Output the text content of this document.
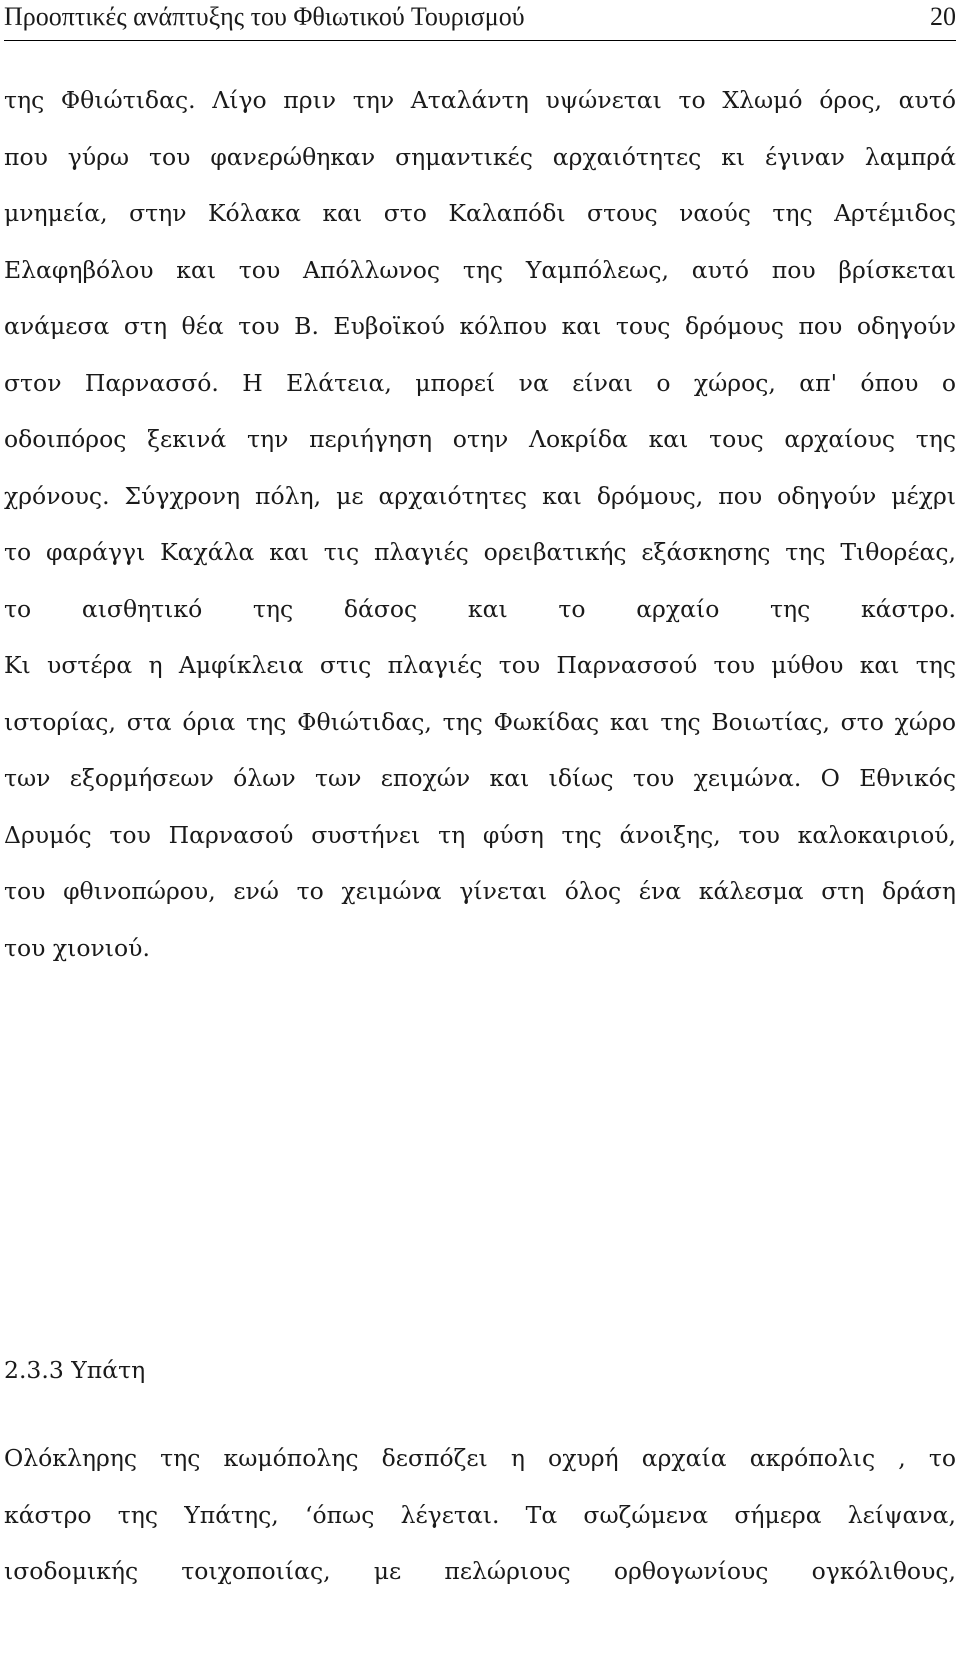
Προοπτικές ανάπτυξης του Φθιωτικού Τουρισμού	20

της Φθιώτιδας. Λίγο πριν την Αταλάντη υψώνεται το Χλωμό όρος, αυτό
που γύρω του φανερώθηκαν σημαντικές αρχαιότητες κι έγιναν λαμπρά
μνημεία, στην Κόλακα και στο Καλαπόδι στους ναούς της Αρτέμιδος
Ελαφηβόλου και του Απόλλωνος της Υαμπόλεως, αυτό που βρίσκεται
ανάμεσα στη θέα του Β. Ευβοϊκού κόλπου και τους δρόμους που οδηγούν
στον Παρνασσό. Η Ελάτεια, μπορεί να είναι ο χώρος, απ' όπου ο
οδοιπόρος ξεκινά την περιήγηση οτην Λοκρίδα και τους αρχαίους της
χρόνους. Σύγχρονη πόλη, με αρχαιότητες και δρόμους, που οδηγούν μέχρι
το φαράγγι Καχάλα και τις πλαγιές ορειβατικής εξάσκησης της Τιθορέας,
το αισθητικό της δάσος και το αρχαίο της κάστρο.
Κι υστέρα η Αμφίκλεια στις πλαγιές του Παρνασσού του μύθου και της
ιστορίας, στα όρια της Φθιώτιδας, της Φωκίδας και της Βοιωτίας, στο χώρο
των εξορμήσεων όλων των εποχών και ιδίως του χειμώνα. Ο Εθνικός
Δρυμός του Παρνασού συστήνει τη φύση της άνοιξης, του καλοκαιριού,
του φθινοπώρου, ενώ το χειμώνα γίνεται όλος ένα κάλεσμα στη δράση
του χιονιού.

2.3.3 Υπάτη

Ολόκληρης της κωμόπολης δεσπόζει η οχυρή αρχαία ακρόπολις , το
κάστρο της Υπάτης, ‘όπως λέγεται. Τα σωζώμενα σήμερα λείψανα,
ισοδομικής τοιχοποιίας, με πελώριους ορθογωνίους ογκόλιθους,
